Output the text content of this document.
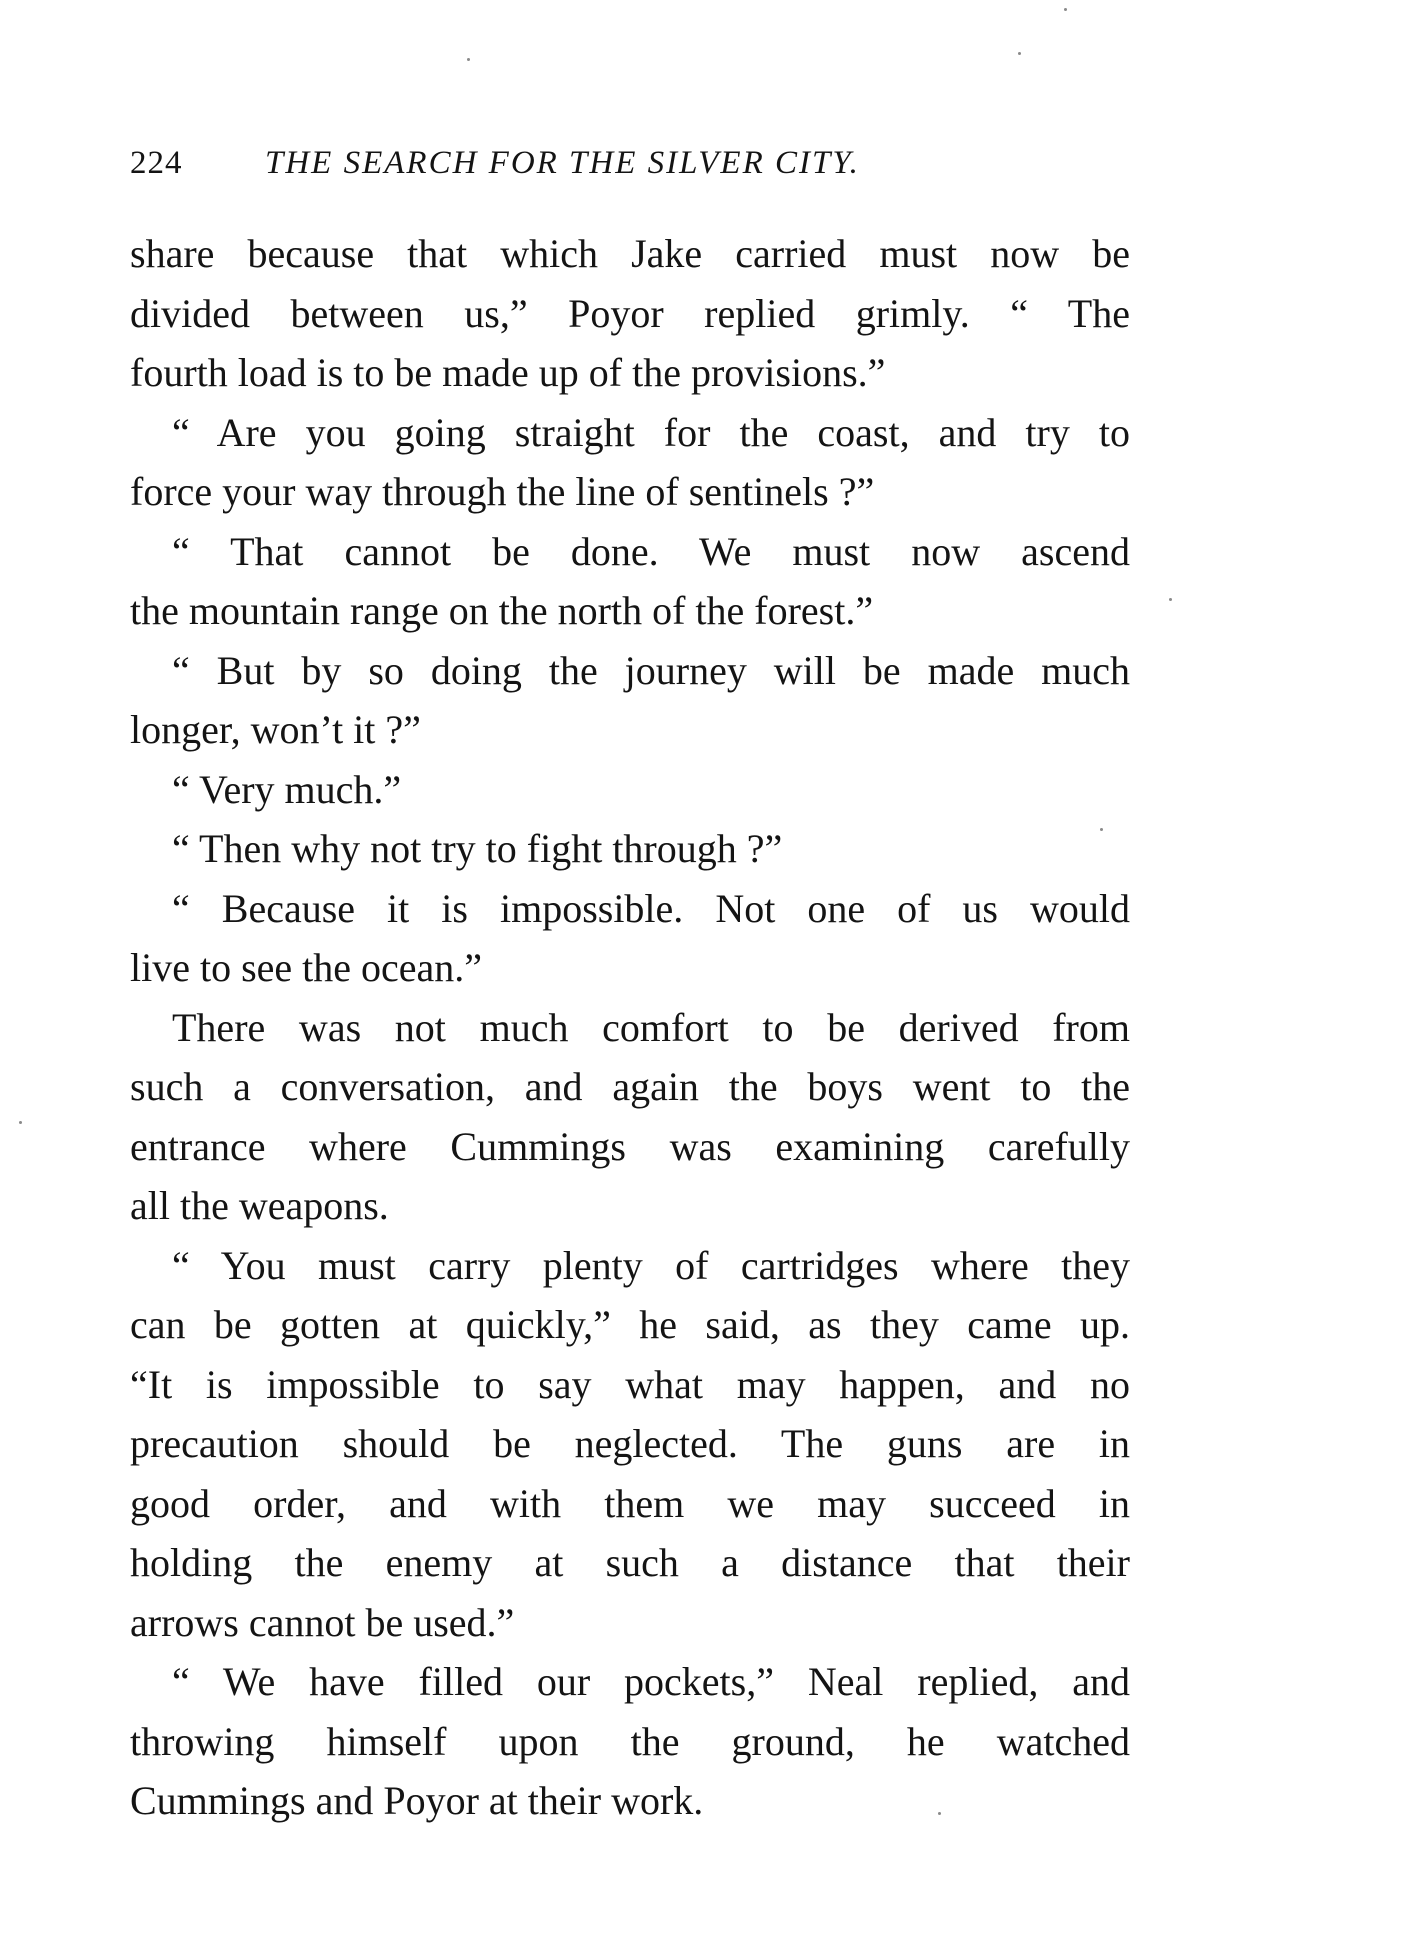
224	THE SEARCH FOR THE SILVER CITY.

share because that which Jake carried must now be
divided between us,” Poyor replied grimly. “ The
fourth load is to be made up of the provisions.”

“ Are you going straight for the coast, and try to
force your way through the line of sentinels ?”

“ That cannot be done. We must now ascend
the mountain range on the north of the forest.”

“ But by so doing the journey will be made much
longer, won’t it ?”

“ Very much.”

“ Then why not try to fight through ?”

“ Because it is impossible. Not one of us would
live to see the ocean.”

There was not much comfort to be derived from
such a conversation, and again the boys went to the
entrance where Cummings was examining carefully
all the weapons.

“ You must carry plenty of cartridges where they
can be gotten at quickly,” he said, as they came up.
“It is impossible to say what may happen, and no
precaution should be neglected. The guns are in
good order, and with them we may succeed in
holding the enemy at such a distance that their
arrows cannot be used.”

“ We have filled our pockets,” Neal replied, and
throwing himself upon the ground, he watched
Cummings and Poyor at their work.
